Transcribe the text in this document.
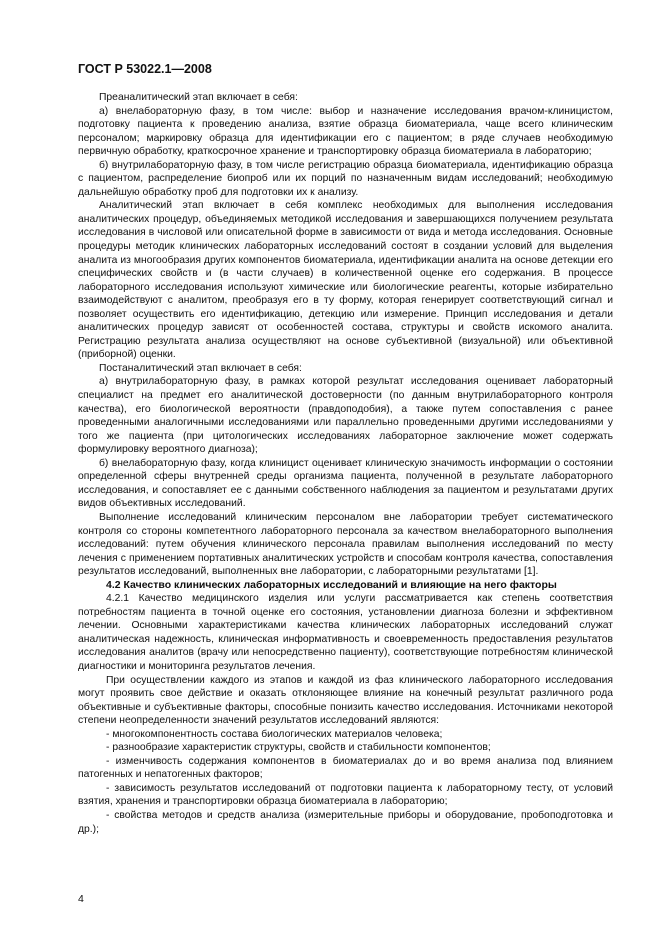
ГОСТ Р 53022.1—2008

Преаналитический этап включает в себя:

а) внелабораторную фазу, в том числе: выбор и назначение исследования врачом-клиницистом, подготовку пациента к проведению анализа, взятие образца биоматериала, чаще всего клиническим персоналом; маркировку образца для идентификации его с пациентом; в ряде случаев необходимую первичную обработку, краткосрочное хранение и транспортировку образца биоматериала в лабораторию;

б) внутрилабораторную фазу, в том числе регистрацию образца биоматериала, идентификацию образца с пациентом, распределение биопроб или их порций по назначенным видам исследований; необходимую дальнейшую обработку проб для подготовки их к анализу.

Аналитический этап включает в себя комплекс необходимых для выполнения исследования аналитических процедур, объединяемых методикой исследования и завершающихся получением результата исследования в числовой или описательной форме в зависимости от вида и метода исследования. Основные процедуры методик клинических лабораторных исследований состоят в создании условий для выделения аналита из многообразия других компонентов биоматериала, идентификации аналита на основе детекции его специфических свойств и (в части случаев) в количественной оценке его содержания. В процессе лабораторного исследования используют химические или биологические реагенты, которые избирательно взаимодействуют с аналитом, преобразуя его в ту форму, которая генерирует соответствующий сигнал и позволяет осуществить его идентификацию, детекцию или измерение. Принцип исследования и детали аналитических процедур зависят от особенностей состава, структуры и свойств искомого аналита. Регистрацию результата анализа осуществляют на основе субъективной (визуальной) или объективной (приборной) оценки.

Постаналитический этап включает в себя:

а) внутрилабораторную фазу, в рамках которой результат исследования оценивает лабораторный специалист на предмет его аналитической достоверности (по данным внутрилабораторного контроля качества), его биологической вероятности (правдоподобия), а также путем сопоставления с ранее проведенными аналогичными исследованиями или параллельно проведенными другими исследованиями у того же пациента (при цитологических исследованиях лабораторное заключение может содержать формулировку вероятного диагноза);

б) внелабораторную фазу, когда клиницист оценивает клиническую значимость информации о состоянии определенной сферы внутренней среды организма пациента, полученной в результате лабораторного исследования, и сопоставляет ее с данными собственного наблюдения за пациентом и результатами других видов объективных исследований.

Выполнение исследований клиническим персоналом вне лаборатории требует систематического контроля со стороны компетентного лабораторного персонала за качеством внелабораторного выполнения исследований: путем обучения клинического персонала правилам выполнения исследований по месту лечения с применением портативных аналитических устройств и способам контроля качества, сопоставления результатов исследований, выполненных вне лаборатории, с лабораторными результатами [1].

4.2 Качество клинических лабораторных исследований и влияющие на него факторы

4.2.1 Качество медицинского изделия или услуги рассматривается как степень соответствия потребностям пациента в точной оценке его состояния, установлении диагноза болезни и эффективном лечении. Основными характеристиками качества клинических лабораторных исследований служат аналитическая надежность, клиническая информативность и своевременность предоставления результатов исследования аналитов (врачу или непосредственно пациенту), соответствующие потребностям клинической диагностики и мониторинга результатов лечения.

При осуществлении каждого из этапов и каждой из фаз клинического лабораторного исследования могут проявить свое действие и оказать отклоняющее влияние на конечный результат различного рода объективные и субъективные факторы, способные понизить качество исследования. Источниками некоторой степени неопределенности значений результатов исследований являются:

- многокомпонентность состава биологических материалов человека;

- разнообразие характеристик структуры, свойств и стабильности компонентов;

- изменчивость содержания компонентов в биоматериалах до и во время анализа под влиянием патогенных и непатогенных факторов;

- зависимость результатов исследований от подготовки пациента к лабораторному тесту, от условий взятия, хранения и транспортировки образца биоматериала в лабораторию;

- свойства методов и средств анализа (измерительные приборы и оборудование, пробоподготовка и др.);

4
